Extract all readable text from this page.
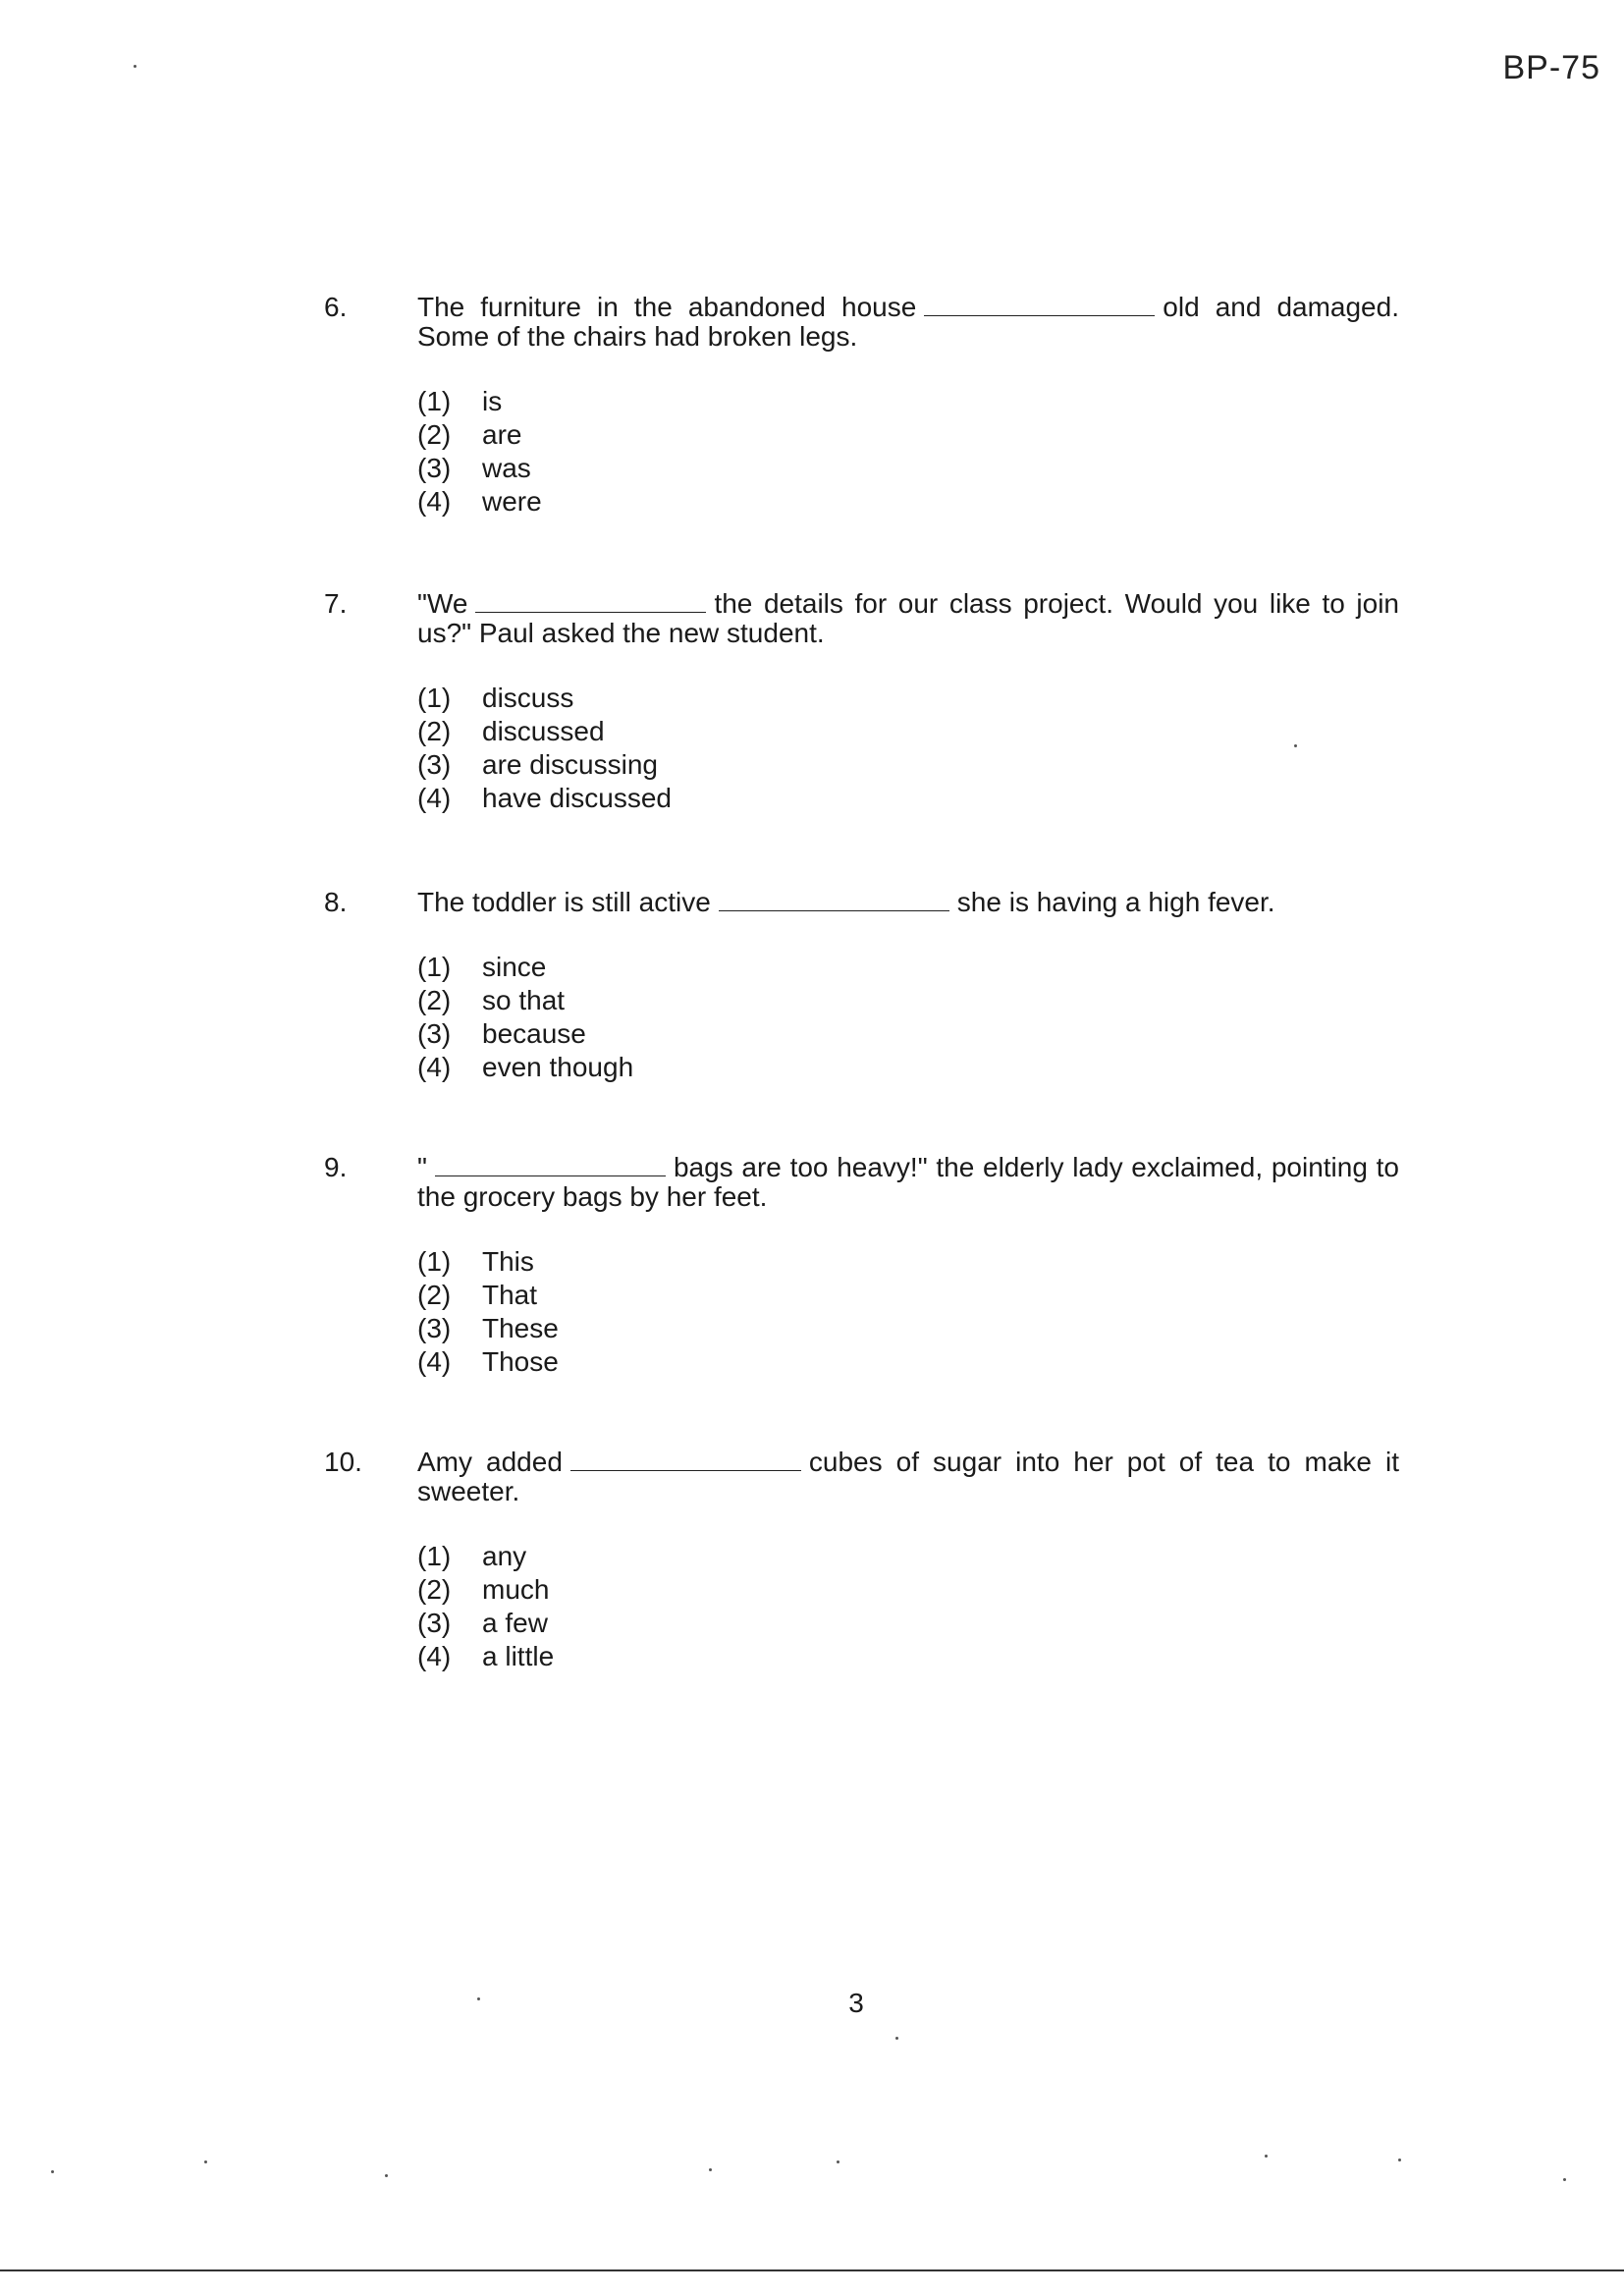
BP-75
6.	The furniture in the abandoned house	old and damaged. Some of the chairs had broken legs.
(1) is
(2) are
(3) was
(4) were
7.	"We	the details for our class project. Would you like to join us?" Paul asked the new student.
(1) discuss
(2) discussed
(3) are discussing
(4) have discussed
8.	The toddler is still active	she is having a high fever.
(1) since
(2) so that
(3) because
(4) even though
9.	"	bags are too heavy!" the elderly lady exclaimed, pointing to the grocery bags by her feet.
(1) This
(2) That
(3) These
(4) Those
10.	Amy added	cubes of sugar into her pot of tea to make it sweeter.
(1) any
(2) much
(3) a few
(4) a little
3
